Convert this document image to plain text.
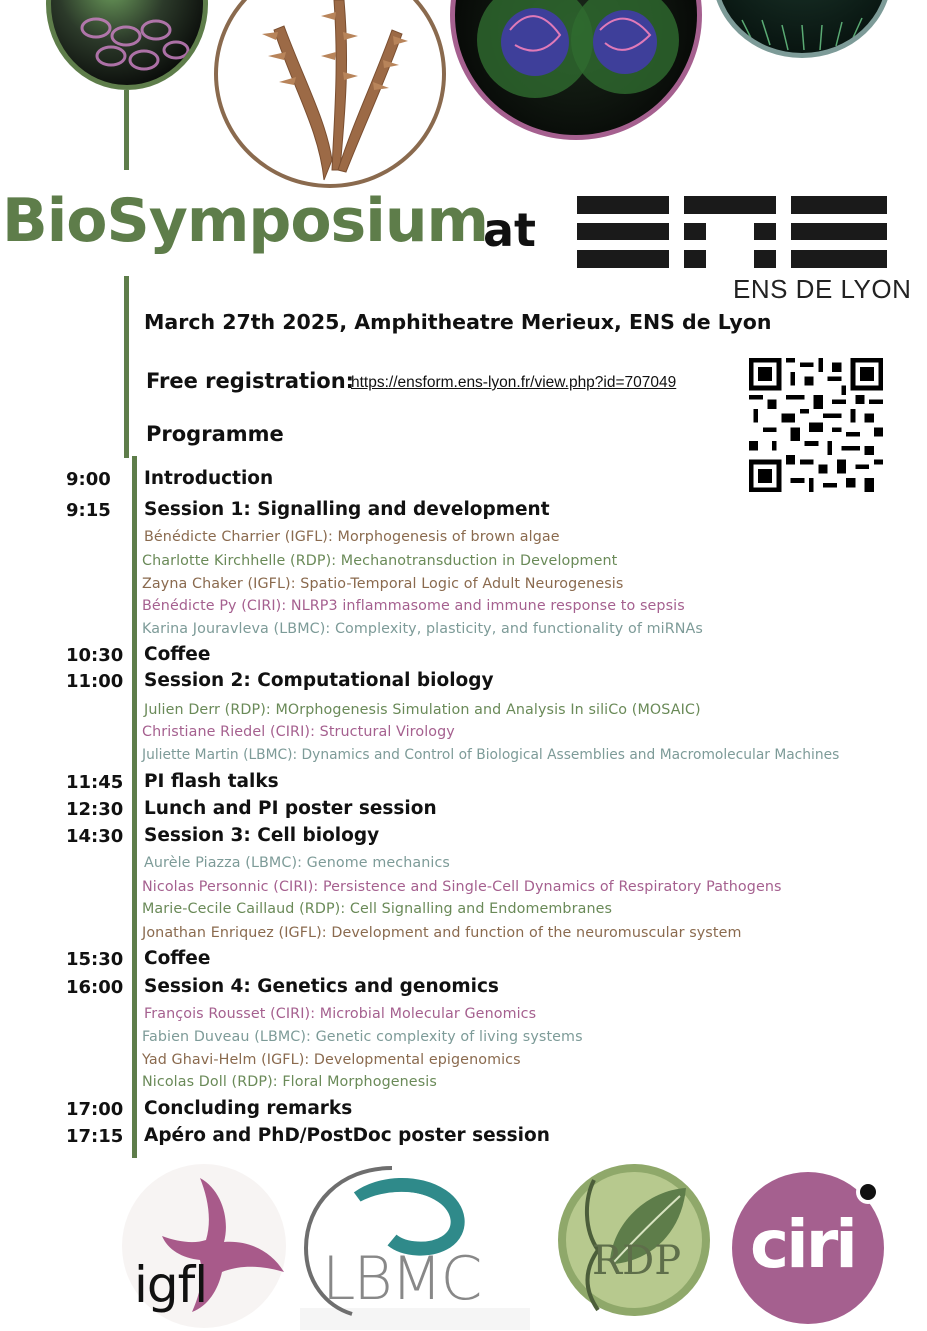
BioSymposium
at
ENS DE LYON
March 27th 2025, Amphitheatre Merieux, ENS de Lyon
Free registration:
https://ensform.ens-lyon.fr/view.php?id=707049
Programme
9:00 Introduction
9:15 Session 1: Signalling and development
Bénédicte Charrier (IGFL): Morphogenesis of brown algae
Charlotte Kirchhelle (RDP): Mechanotransduction in Development
Zayna Chaker (IGFL): Spatio-Temporal Logic of Adult Neurogenesis
Bénédicte Py (CIRI): NLRP3 inflammasome and immune response to sepsis
Karina Jouravleva (LBMC): Complexity, plasticity, and functionality of miRNAs
10:30 Coffee
11:00 Session 2: Computational biology
Julien Derr (RDP): MOrphogenesis Simulation and Analysis In siliCo (MOSAIC)
Christiane Riedel (CIRI): Structural Virology
Juliette Martin (LBMC): Dynamics and Control of Biological Assemblies and Macromolecular Machines
11:45 PI flash talks
12:30 Lunch and PI poster session
14:30 Session 3: Cell biology
Aurèle Piazza (LBMC): Genome mechanics
Nicolas Personnic (CIRI): Persistence and Single-Cell Dynamics of Respiratory Pathogens
Marie-Cecile Caillaud (RDP): Cell Signalling and Endomembranes
Jonathan Enriquez (IGFL): Development and function of the neuromuscular system
15:30 Coffee
16:00 Session 4: Genetics and genomics
François Rousset (CIRI): Microbial Molecular Genomics
Fabien Duveau (LBMC): Genetic complexity of living systems
Yad Ghavi-Helm (IGFL): Developmental epigenomics
Nicolas Doll (RDP): Floral Morphogenesis
17:00 Concluding remarks
17:15 Apéro and PhD/PostDoc poster session
igfl LBMC	RDP ciri
